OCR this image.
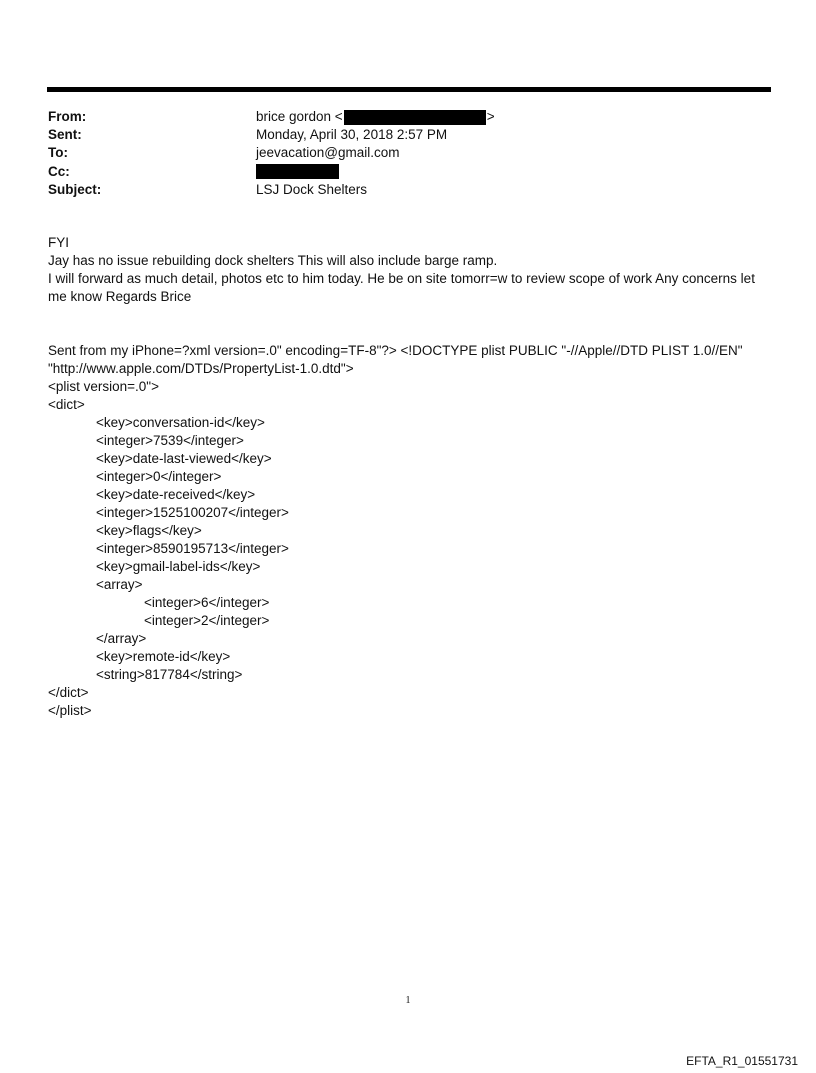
From:	brice gordon <	>
Sent:	Monday, April 30, 2018 2:57 PM
To:	jeevacation@gmail.com
Cc:
Subject:	LSJ Dock Shelters

FYI

Jay has no issue rebuilding dock shelters This will also include barge ramp.

I will forward as much detail, photos etc to him today. He be on site tomorr=w to review scope of work Any concerns let me know Regards Brice

Sent from my iPhone=?xml version=.0" encoding=TF-8"?> <!DOCTYPE plist PUBLIC "-//Apple//DTD PLIST 1.0//EN"
"http://www.apple.com/DTDs/PropertyList-1.0.dtd">
<plist version=.0">
<dict>
<key>conversation-id</key>
<integer>7539</integer>
<key>date-last-viewed</key>
<integer>0</integer>
<key>date-received</key>
<integer>1525100207</integer>
<key>flags</key>
<integer>8590195713</integer>
<key>gmail-label-ids</key>
<array>
<integer>6</integer>
<integer>2</integer>
</array>
<key>remote-id</key>
<string>817784</string>
</dict>
</plist>
1
EFTA_R1_01551731
